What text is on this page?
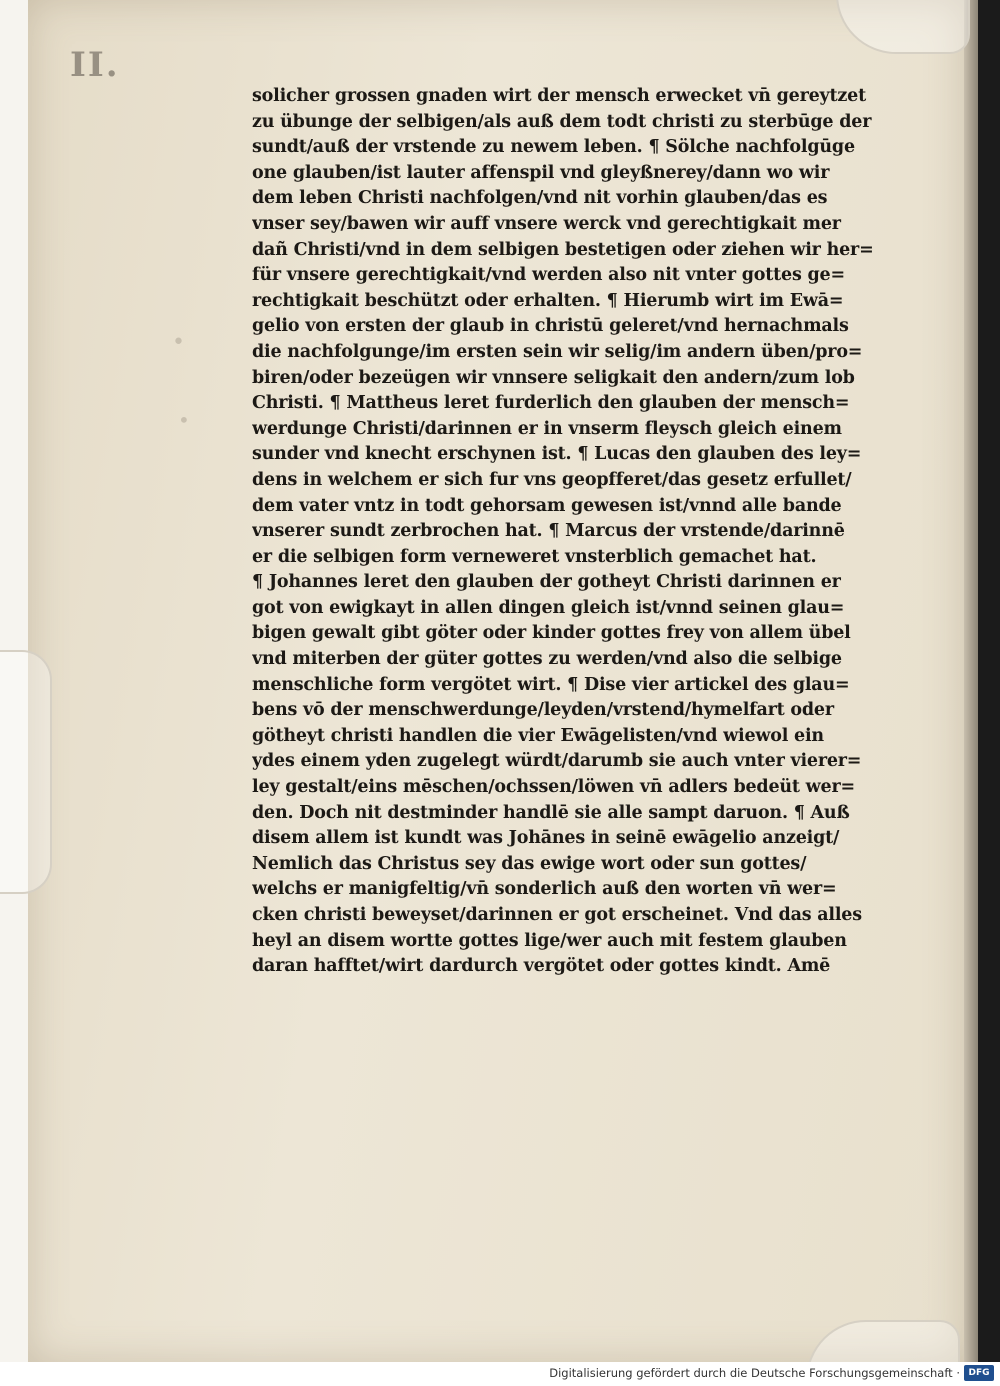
II.
•
•
solicher grossen gnaden wirt der mensch erwecket vn̄ gereytzet
zu übunge der selbigen/als auß dem todt christi zu sterbūge der
sundt/auß der vrstende zu newem leben. ¶ Sölche nachfolgūge
one glauben/ist lauter affenspil vnd gleyßnerey/dann wo wir
dem leben Christi nachfolgen/vnd nit vorhin glauben/das es
vnser sey/bawen wir auff vnsere werck vnd gerechtigkait mer
dañ Christi/vnd in dem selbigen bestetigen oder ziehen wir her=
für vnsere gerechtigkait/vnd werden also nit vnter gottes ge=
rechtigkait beschützt oder erhalten. ¶ Hierumb wirt im Ewā=
gelio von ersten der glaub in christū geleret/vnd hernachmals
die nachfolgunge/im ersten sein wir selig/im andern üben/pro=
biren/oder bezeügen wir vnnsere seligkait den andern/zum lob
Christi. ¶ Mattheus leret furderlich den glauben der mensch=
werdunge Christi/darinnen er in vnserm fleysch gleich einem
sunder vnd knecht erschynen ist. ¶ Lucas den glauben des ley=
dens in welchem er sich fur vns geopfferet/das gesetz erfullet/
dem vater vntz in todt gehorsam gewesen ist/vnnd alle bande
vnserer sundt zerbrochen hat. ¶ Marcus der vrstende/darinnē
er die selbigen form verneweret vnsterblich gemachet hat.
¶ Johannes leret den glauben der gotheyt Christi darinnen er
got von ewigkayt in allen dingen gleich ist/vnnd seinen glau=
bigen gewalt gibt göter oder kinder gottes frey von allem übel
vnd miterben der güter gottes zu werden/vnd also die selbige
menschliche form vergötet wirt. ¶ Dise vier artickel des glau=
bens vō der menschwerdunge/leyden/vrstend/hymelfart oder
götheyt christi handlen die vier Ewāgelisten/vnd wiewol ein
ydes einem yden zugelegt würdt/darumb sie auch vnter vierer=
ley gestalt/eins mēschen/ochssen/löwen vn̄ adlers bedeüt wer=
den. Doch nit destminder handlē sie alle sampt daruon. ¶ Auß
disem allem ist kundt was Johānes in seinē ewāgelio anzeigt/
Nemlich das Christus sey das ewige wort oder sun gottes/
welchs er manigfeltig/vn̄ sonderlich auß den worten vn̄ wer=
cken christi beweyset/darinnen er got erscheinet. Vnd das alles
heyl an disem wortte gottes lige/wer auch mit festem glauben
daran hafftet/wirt dardurch vergötet oder gottes kindt. Amē
Digitalisierung gefördert durch die Deutsche Forschungsgemeinschaft · DFG
